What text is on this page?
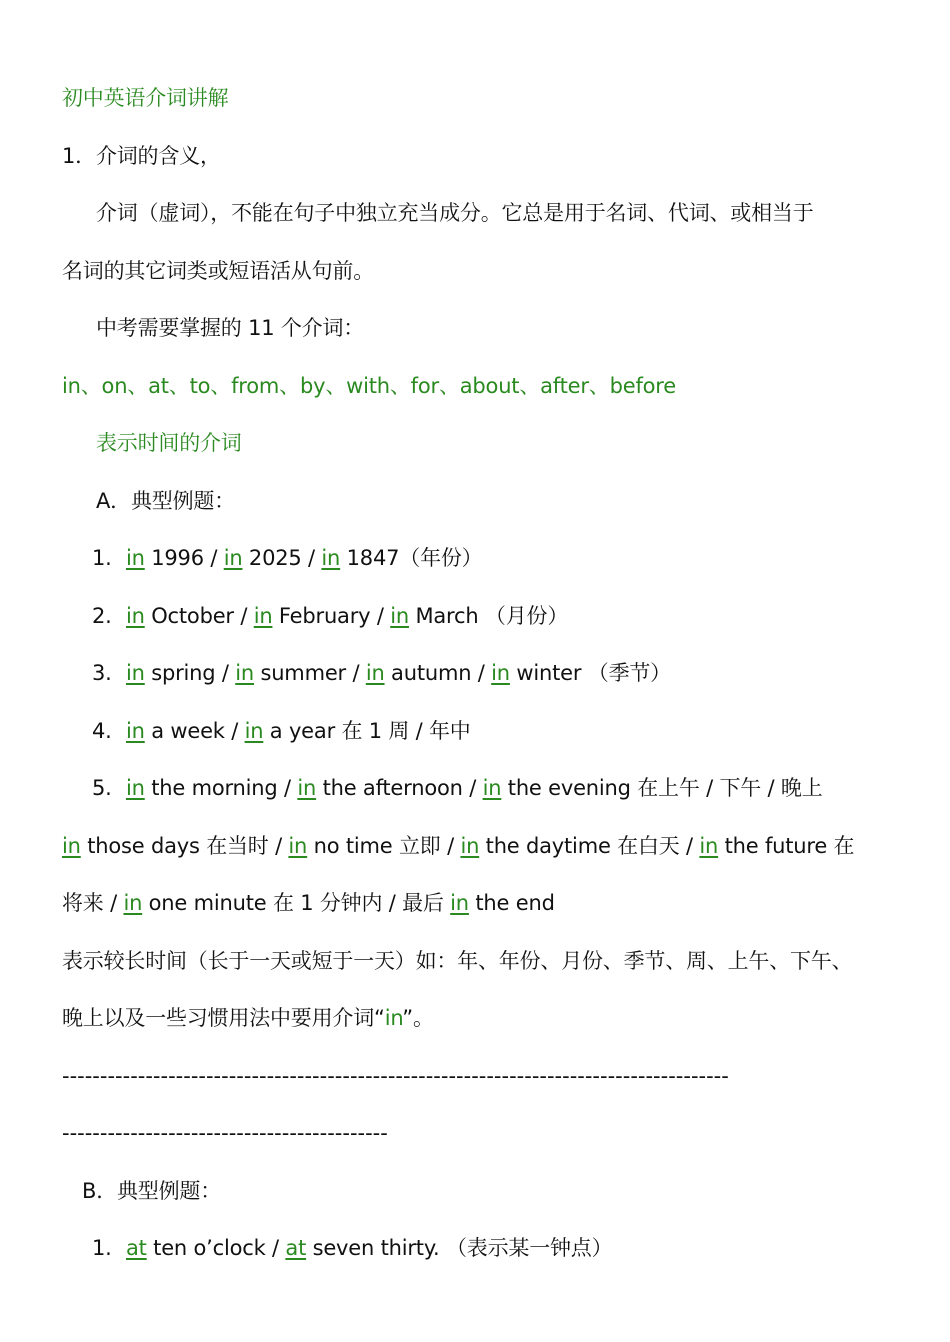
初中英语介词讲解
1．介词的含义，
介词（虚词），不能在句子中独立充当成分。它总是用于名词、代词、或相当于
名词的其它词类或短语活从句前。
中考需要掌握的 11 个介词：
in、on、at、to、from、by、with、for、about、after、before
表示时间的介词
A．典型例题：
1. in 1996 / in 2025 / in 1847（年份）
2. in October / in February / in March （月份）
3. in spring / in summer / in autumn / in winter （季节）
4. in a week / in a year 在 1 周 / 年中
5. in the morning / in the afternoon / in the evening 在上午 / 下午 / 晚上
in those days 在当时 / in no time 立即 / in the daytime 在白天 / in the future 在
将来 / in one minute 在 1 分钟内 / 最后 in the end
表示较长时间（长于一天或短于一天）如：年、年份、月份、季节、周、上午、下午、
晚上以及一些习惯用法中要用介词“in”。
----------------------------------------------------------------------------------------
-------------------------------------------
B．典型例题：
1. at ten o’clock / at seven thirty. （表示某一钟点）
